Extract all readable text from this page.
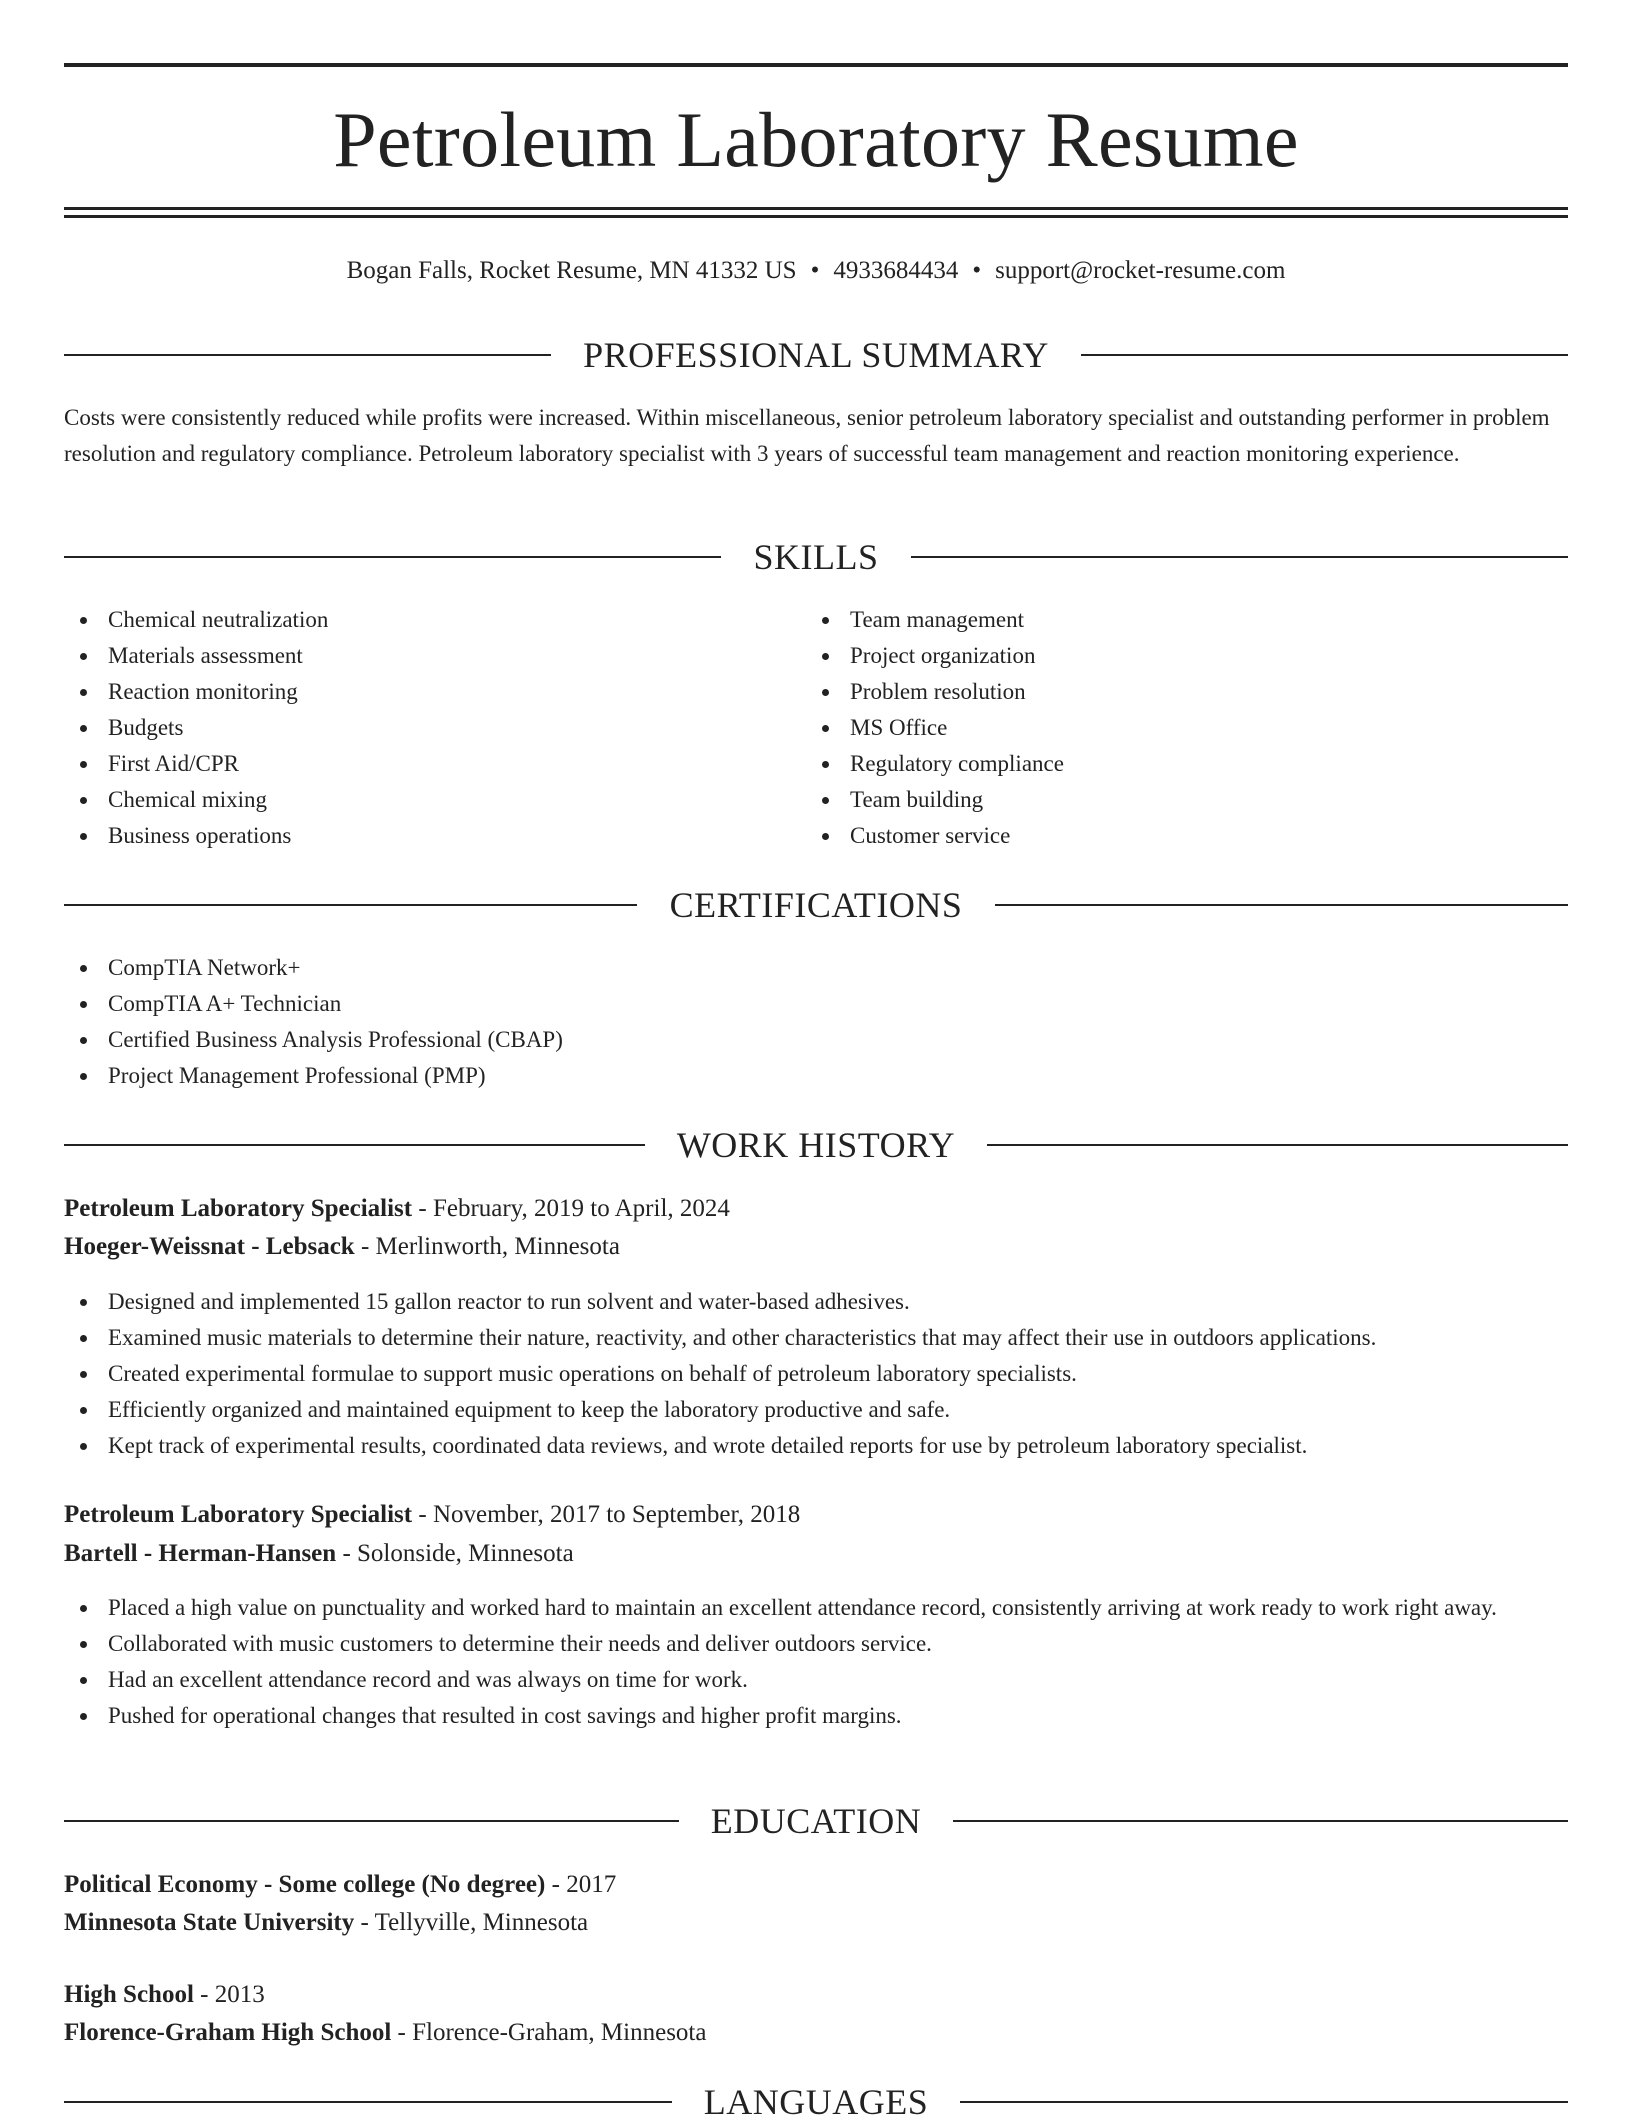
Petroleum Laboratory Resume
Bogan Falls, Rocket Resume, MN 41332 US • 4933684434 • support@rocket-resume.com
PROFESSIONAL SUMMARY
Costs were consistently reduced while profits were increased. Within miscellaneous, senior petroleum laboratory specialist and outstanding performer in problem resolution and regulatory compliance. Petroleum laboratory specialist with 3 years of successful team management and reaction monitoring experience.
SKILLS
Chemical neutralization
Materials assessment
Reaction monitoring
Budgets
First Aid/CPR
Chemical mixing
Business operations
Team management
Project organization
Problem resolution
MS Office
Regulatory compliance
Team building
Customer service
CERTIFICATIONS
CompTIA Network+
CompTIA A+ Technician
Certified Business Analysis Professional (CBAP)
Project Management Professional (PMP)
WORK HISTORY
Petroleum Laboratory Specialist - February, 2019 to April, 2024
Hoeger-Weissnat - Lebsack - Merlinworth, Minnesota
Designed and implemented 15 gallon reactor to run solvent and water-based adhesives.
Examined music materials to determine their nature, reactivity, and other characteristics that may affect their use in outdoors applications.
Created experimental formulae to support music operations on behalf of petroleum laboratory specialists.
Efficiently organized and maintained equipment to keep the laboratory productive and safe.
Kept track of experimental results, coordinated data reviews, and wrote detailed reports for use by petroleum laboratory specialist.
Petroleum Laboratory Specialist - November, 2017 to September, 2018
Bartell - Herman-Hansen - Solonside, Minnesota
Placed a high value on punctuality and worked hard to maintain an excellent attendance record, consistently arriving at work ready to work right away.
Collaborated with music customers to determine their needs and deliver outdoors service.
Had an excellent attendance record and was always on time for work.
Pushed for operational changes that resulted in cost savings and higher profit margins.
EDUCATION
Political Economy - Some college (No degree) - 2017
Minnesota State University - Tellyville, Minnesota
High School - 2013
Florence-Graham High School - Florence-Graham, Minnesota
LANGUAGES
